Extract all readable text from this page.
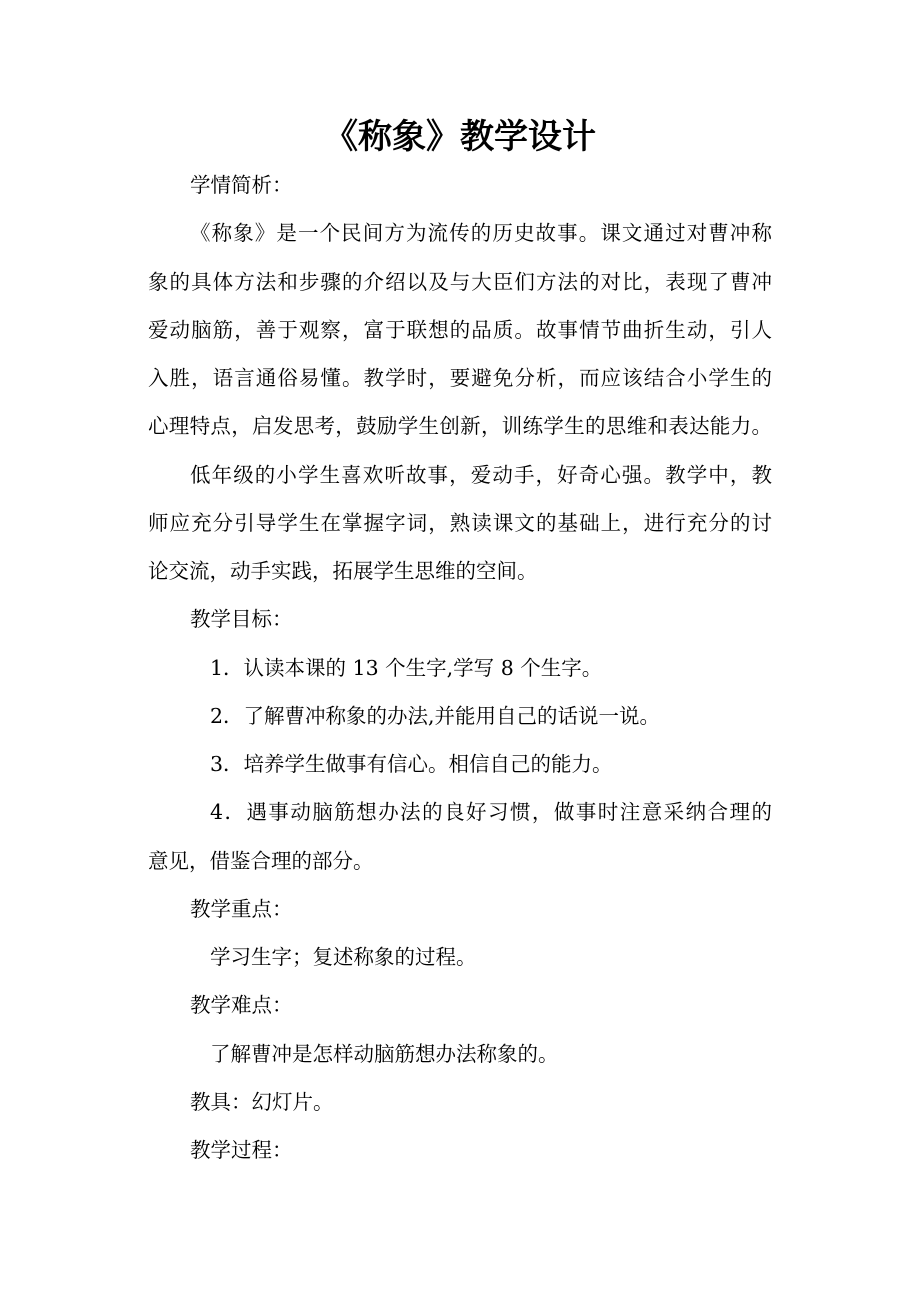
《称象》教学设计
学情简析：
《称象》是一个民间方为流传的历史故事。课文通过对曹冲称
象的具体方法和步骤的介绍以及与大臣们方法的对比，表现了曹冲
爱动脑筋，善于观察，富于联想的品质。故事情节曲折生动，引人
入胜，语言通俗易懂。教学时，要避免分析，而应该结合小学生的
心理特点，启发思考，鼓励学生创新，训练学生的思维和表达能力。
低年级的小学生喜欢听故事，爱动手，好奇心强。教学中，教
师应充分引导学生在掌握字词，熟读课文的基础上，进行充分的讨
论交流，动手实践，拓展学生思维的空间。
教学目标：
1．认读本课的 13 个生字,学写 8 个生字。
2．了解曹冲称象的办法,并能用自己的话说一说。
3．培养学生做事有信心。相信自己的能力。
4．遇事动脑筋想办法的良好习惯，做事时注意采纳合理的
意见，借鉴合理的部分。
教学重点：
学习生字；复述称象的过程。
教学难点：
了解曹冲是怎样动脑筋想办法称象的。
教具：幻灯片。
教学过程：
